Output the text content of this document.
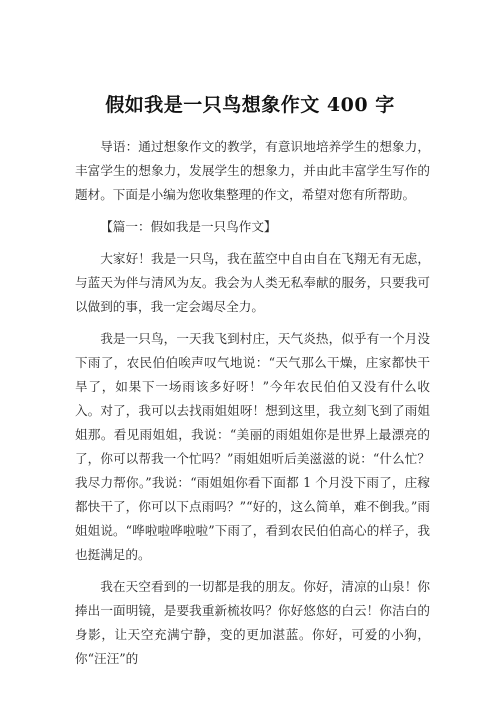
假如我是一只鸟想象作文 400 字

导语：通过想象作文的教学，有意识地培养学生的想象力，丰富学生的想象力，发展学生的想象力，并由此丰富学生写作的题材。下面是小编为您收集整理的作文，希望对您有所帮助。

【篇一：假如我是一只鸟作文】

大家好！我是一只鸟，我在蓝空中自由自在飞翔无有无虑，与蓝天为伴与清风为友。我会为人类无私奉献的服务，只要我可以做到的事，我一定会竭尽全力。

我是一只鸟，一天我飞到村庄，天气炎热，似乎有一个月没下雨了，农民伯伯唉声叹气地说：“天气那么干燥，庄家都快干旱了，如果下一场雨该多好呀！”今年农民伯伯又没有什么收入。对了，我可以去找雨姐姐呀！想到这里，我立刻飞到了雨姐姐那。看见雨姐姐，我说：“美丽的雨姐姐你是世界上最漂亮的了，你可以帮我一个忙吗？”雨姐姐听后美滋滋的说：“什么忙？我尽力帮你。”我说：“雨姐姐你看下面都 1 个月没下雨了，庄稼都快干了，你可以下点雨吗？”“好的，这么简单，难不倒我。”雨姐姐说。“哗啦啦哗啦啦”下雨了，看到农民伯伯高心的样子，我也挺满足的。

我在天空看到的一切都是我的朋友。你好，清凉的山泉！你捧出一面明镜，是要我重新梳妆吗？你好悠悠的白云！你洁白的身影，让天空充满宁静，变的更加湛蓝。你好，可爱的小狗，你“汪汪”的
